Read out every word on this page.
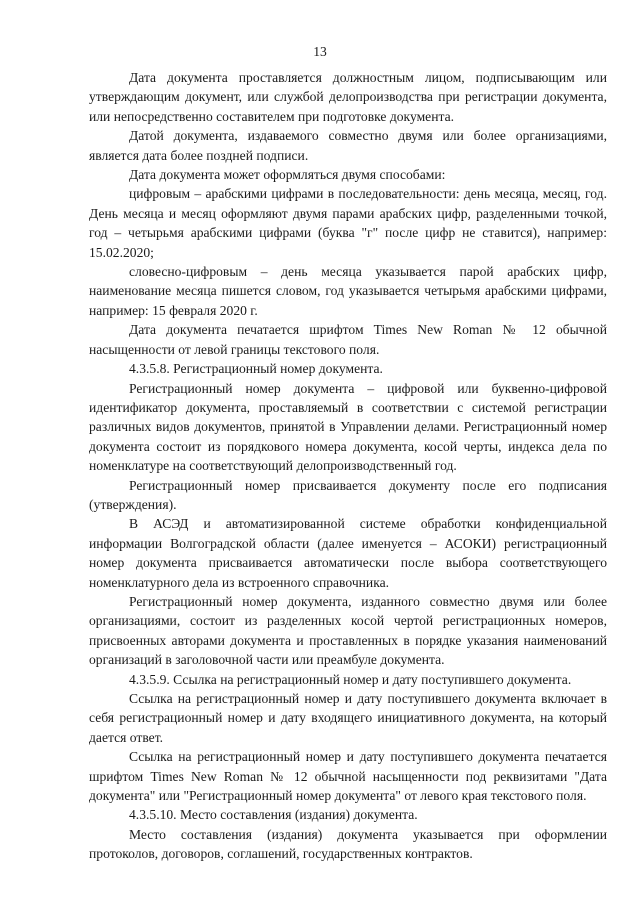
13

Дата документа проставляется должностным лицом, подписывающим или утверждающим документ, или службой делопроизводства при регистрации документа, или непосредственно составителем при подготовке документа.

Датой документа, издаваемого совместно двумя или более организациями, является дата более поздней подписи.

Дата документа может оформляться двумя способами:

цифровым – арабскими цифрами в последовательности: день месяца, месяц, год. День месяца и месяц оформляют двумя парами арабских цифр, разделенными точкой, год – четырьмя арабскими цифрами (буква "г" после цифр не ставится), например: 15.02.2020;

словесно-цифровым – день месяца указывается парой арабских цифр, наименование месяца пишется словом, год указывается четырьмя арабскими цифрами, например: 15 февраля 2020 г.

Дата документа печатается шрифтом Times New Roman № 12 обычной насыщенности от левой границы текстового поля.

4.3.5.8. Регистрационный номер документа.

Регистрационный номер документа – цифровой или буквенно-цифровой идентификатор документа, проставляемый в соответствии с системой регистрации различных видов документов, принятой в Управлении делами. Регистрационный номер документа состоит из порядкового номера документа, косой черты, индекса дела по номенклатуре на соответствующий делопроизводственный год.

Регистрационный номер присваивается документу после его подписания (утверждения).

В АСЭД и автоматизированной системе обработки конфиденциальной информации Волгоградской области (далее именуется – АСОКИ) регистрационный номер документа присваивается автоматически после выбора соответствующего номенклатурного дела из встроенного справочника.

Регистрационный номер документа, изданного совместно двумя или более организациями, состоит из разделенных косой чертой регистрационных номеров, присвоенных авторами документа и проставленных в порядке указания наименований организаций в заголовочной части или преамбуле документа.

4.3.5.9. Ссылка на регистрационный номер и дату поступившего документа.

Ссылка на регистрационный номер и дату поступившего документа включает в себя регистрационный номер и дату входящего инициативного документа, на который дается ответ.

Ссылка на регистрационный номер и дату поступившего документа печатается шрифтом Times New Roman № 12 обычной насыщенности под реквизитами "Дата документа" или "Регистрационный номер документа" от левого края текстового поля.

4.3.5.10. Место составления (издания) документа.

Место составления (издания) документа указывается при оформлении протоколов, договоров, соглашений, государственных контрактов.
